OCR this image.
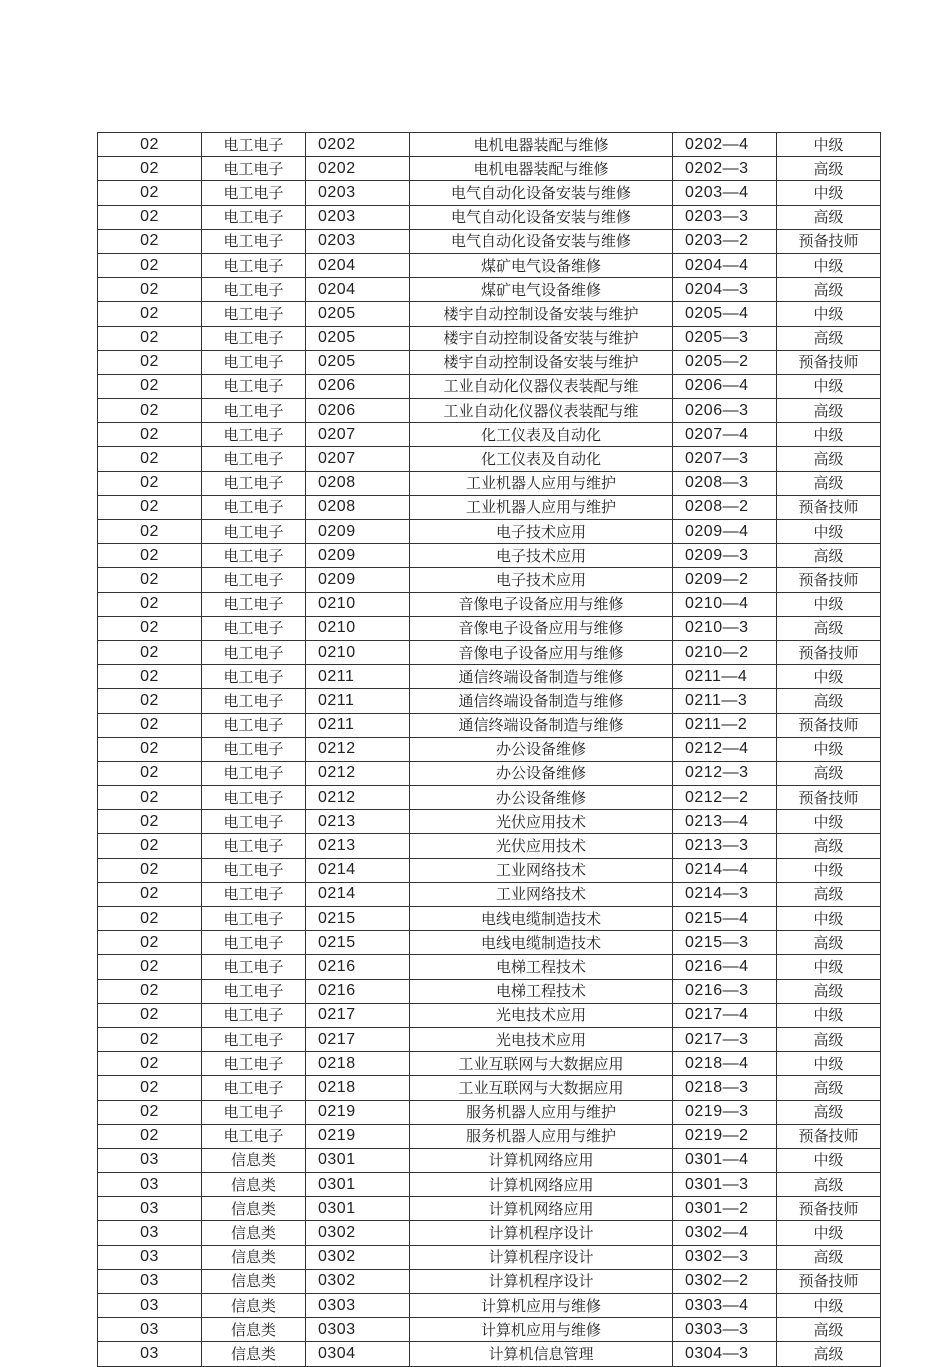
02	电工电子	0202	电机电器装配与维修	0202—4	中级
02	电工电子	0202	电机电器装配与维修	0202—3	高级
02	电工电子	0203	电气自动化设备安装与维修	0203—4	中级
02	电工电子	0203	电气自动化设备安装与维修	0203—3	高级
02	电工电子	0203	电气自动化设备安装与维修	0203—2	预备技师
02	电工电子	0204	煤矿电气设备维修	0204—4	中级
02	电工电子	0204	煤矿电气设备维修	0204—3	高级
02	电工电子	0205	楼宇自动控制设备安装与维护	0205—4	中级
02	电工电子	0205	楼宇自动控制设备安装与维护	0205—3	高级
02	电工电子	0205	楼宇自动控制设备安装与维护	0205—2	预备技师
02	电工电子	0206	工业自动化仪器仪表装配与维	0206—4	中级
02	电工电子	0206	工业自动化仪器仪表装配与维	0206—3	高级
02	电工电子	0207	化工仪表及自动化	0207—4	中级
02	电工电子	0207	化工仪表及自动化	0207—3	高级
02	电工电子	0208	工业机器人应用与维护	0208—3	高级
02	电工电子	0208	工业机器人应用与维护	0208—2	预备技师
02	电工电子	0209	电子技术应用	0209—4	中级
02	电工电子	0209	电子技术应用	0209—3	高级
02	电工电子	0209	电子技术应用	0209—2	预备技师
02	电工电子	0210	音像电子设备应用与维修	0210—4	中级
02	电工电子	0210	音像电子设备应用与维修	0210—3	高级
02	电工电子	0210	音像电子设备应用与维修	0210—2	预备技师
02	电工电子	0211	通信终端设备制造与维修	0211—4	中级
02	电工电子	0211	通信终端设备制造与维修	0211—3	高级
02	电工电子	0211	通信终端设备制造与维修	0211—2	预备技师
02	电工电子	0212	办公设备维修	0212—4	中级
02	电工电子	0212	办公设备维修	0212—3	高级
02	电工电子	0212	办公设备维修	0212—2	预备技师
02	电工电子	0213	光伏应用技术	0213—4	中级
02	电工电子	0213	光伏应用技术	0213—3	高级
02	电工电子	0214	工业网络技术	0214—4	中级
02	电工电子	0214	工业网络技术	0214—3	高级
02	电工电子	0215	电线电缆制造技术	0215—4	中级
02	电工电子	0215	电线电缆制造技术	0215—3	高级
02	电工电子	0216	电梯工程技术	0216—4	中级
02	电工电子	0216	电梯工程技术	0216—3	高级
02	电工电子	0217	光电技术应用	0217—4	中级
02	电工电子	0217	光电技术应用	0217—3	高级
02	电工电子	0218	工业互联网与大数据应用	0218—4	中级
02	电工电子	0218	工业互联网与大数据应用	0218—3	高级
02	电工电子	0219	服务机器人应用与维护	0219—3	高级
02	电工电子	0219	服务机器人应用与维护	0219—2	预备技师
03	信息类	0301	计算机网络应用	0301—4	中级
03	信息类	0301	计算机网络应用	0301—3	高级
03	信息类	0301	计算机网络应用	0301—2	预备技师
03	信息类	0302	计算机程序设计	0302—4	中级
03	信息类	0302	计算机程序设计	0302—3	高级
03	信息类	0302	计算机程序设计	0302—2	预备技师
03	信息类	0303	计算机应用与维修	0303—4	中级
03	信息类	0303	计算机应用与维修	0303—3	高级
03	信息类	0304	计算机信息管理	0304—3	高级
